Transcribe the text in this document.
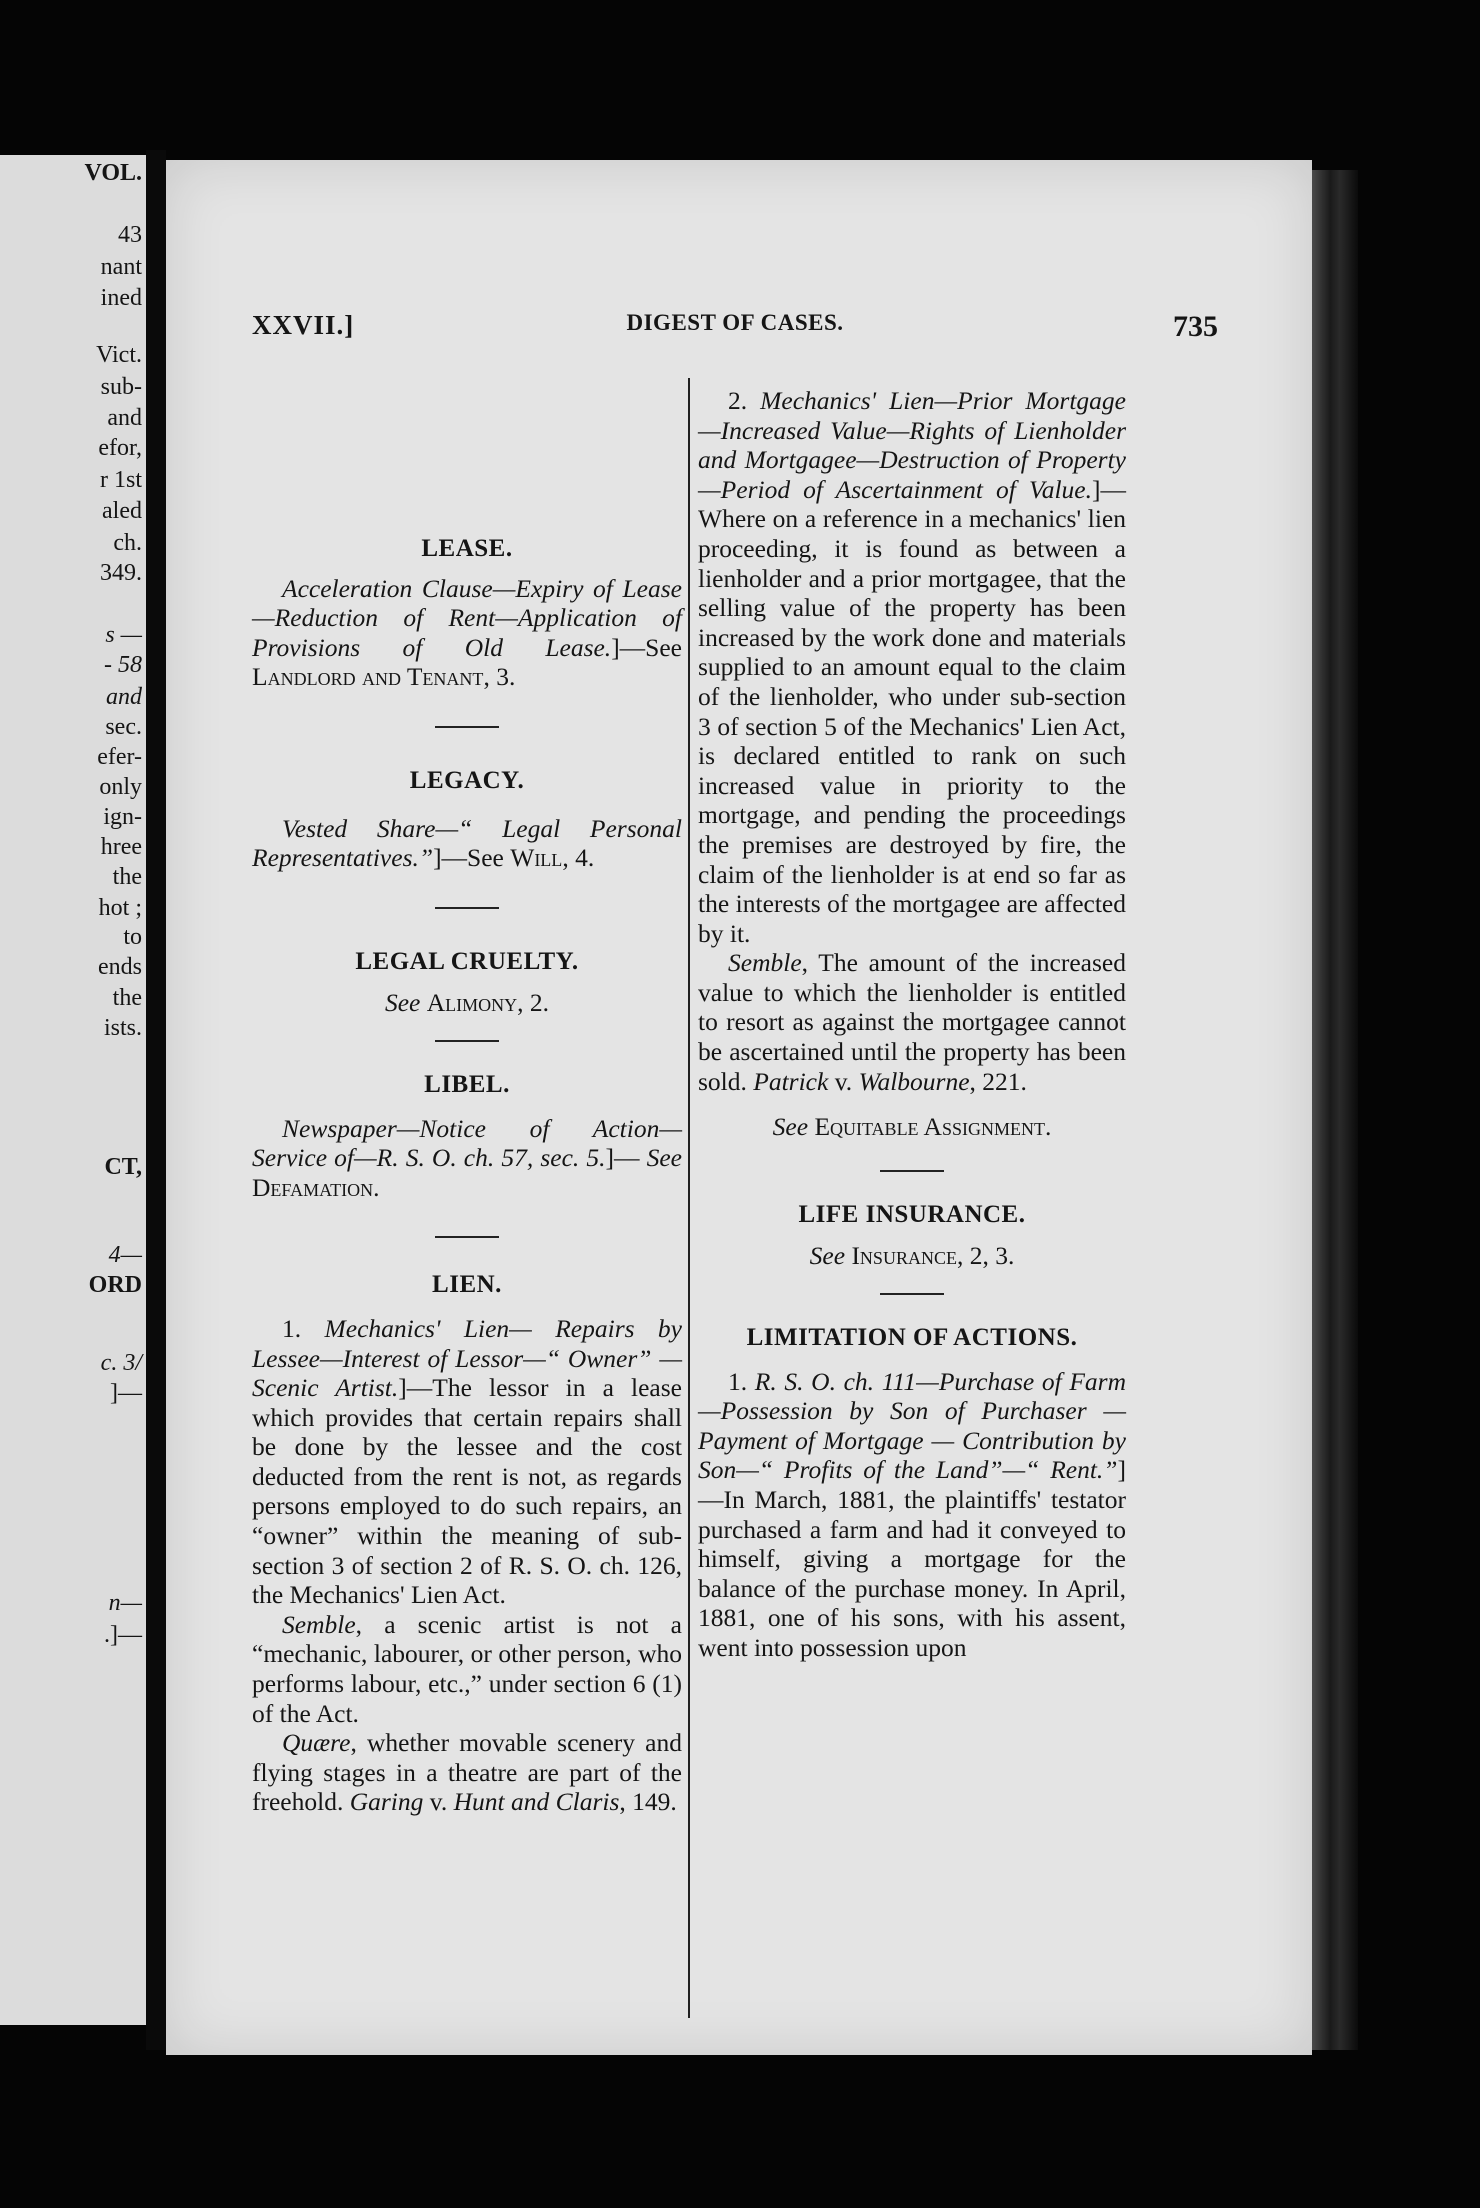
VOL.
43
nant
ined
Vict.
sub-
and
efor,
r 1st
aled
ch.
349.
s —
- 58
and
sec.
efer-
only
ign-
hree
the
hot ;
to
ends
the
ists.
CT,
4—
ORD
c. 3/
]—
n—
.]—
DIGEST OF CASES.
XXVII.]	735

LEASE.

Acceleration Clause—Expiry of Lease—Reduction of Rent—Application of Provisions of Old Lease.]—See Landlord and Tenant, 3.

LEGACY.

Vested Share—“ Legal Personal Representatives.”]—See Will, 4.

LEGAL CRUELTY.

See Alimony, 2.

LIBEL.

Newspaper—Notice of Action—Service of—R. S. O. ch. 57, sec. 5.]— See Defamation.

LIEN.

1. Mechanics' Lien— Repairs by Lessee—Interest of Lessor—“ Owner” —Scenic Artist.]—The lessor in a lease which provides that certain repairs shall be done by the lessee and the cost deducted from the rent is not, as regards persons employed to do such repairs, an “owner” within the meaning of sub-section 3 of section 2 of R. S. O. ch. 126, the Mechanics' Lien Act.

Semble, a scenic artist is not a “mechanic, labourer, or other person, who performs labour, etc.,” under section 6 (1) of the Act.

Quære, whether movable scenery and flying stages in a theatre are part of the freehold. Garing v. Hunt and Claris, 149.

2. Mechanics' Lien—Prior Mortgage—Increased Value—Rights of Lienholder and Mortgagee—Destruction of Property—Period of Ascertainment of Value.]—Where on a reference in a mechanics' lien proceeding, it is found as between a lienholder and a prior mortgagee, that the selling value of the property has been increased by the work done and materials supplied to an amount equal to the claim of the lienholder, who under sub-section 3 of section 5 of the Mechanics' Lien Act, is declared entitled to rank on such increased value in priority to the mortgage, and pending the proceedings the premises are destroyed by fire, the claim of the lienholder is at end so far as the interests of the mortgagee are affected by it.

Semble, The amount of the increased value to which the lienholder is entitled to resort as against the mortgagee cannot be ascertained until the property has been sold. Patrick v. Walbourne, 221.

See Equitable Assignment.

LIFE INSURANCE.

See Insurance, 2, 3.

LIMITATION OF ACTIONS.

1. R. S. O. ch. 111—Purchase of Farm—Possession by Son of Purchaser — Payment of Mortgage — Contribution by Son—“ Profits of the Land”—“ Rent.”]—In March, 1881, the plaintiffs' testator purchased a farm and had it conveyed to himself, giving a mortgage for the balance of the purchase money. In April, 1881, one of his sons, with his assent, went into possession upon
